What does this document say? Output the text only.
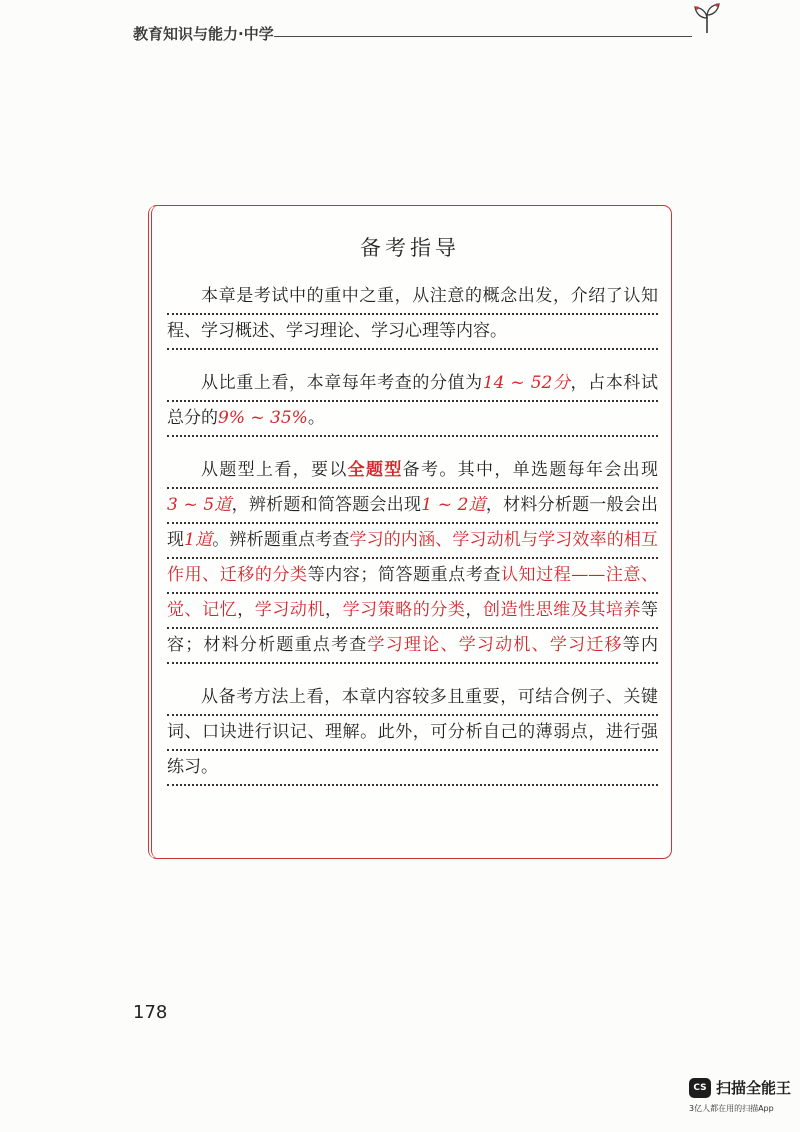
教育知识与能力·中学
备考指导
本章是考试中的重中之重，从注意的概念出发，介绍了认知
程、学习概述、学习理论、学习心理等内容。
从比重上看，本章每年考查的分值为14 ~ 52分，占本科试
总分的9% ~ 35%。
从题型上看，要以全题型备考。其中，单选题每年会出现
3 ~ 5道，辨析题和简答题会出现1 ~ 2道，材料分析题一般会出
现1道。辨析题重点考查学习的内涵、学习动机与学习效率的相互
作用、迁移的分类等内容；简答题重点考查认知过程——注意、
觉、记忆，学习动机，学习策略的分类，创造性思维及其培养等
容；材料分析题重点考查学习理论、学习动机、学习迁移等内
从备考方法上看，本章内容较多且重要，可结合例子、关键
词、口诀进行识记、理解。此外，可分析自己的薄弱点，进行强
练习。
178
CS 扫描全能王
3亿人都在用的扫描App
